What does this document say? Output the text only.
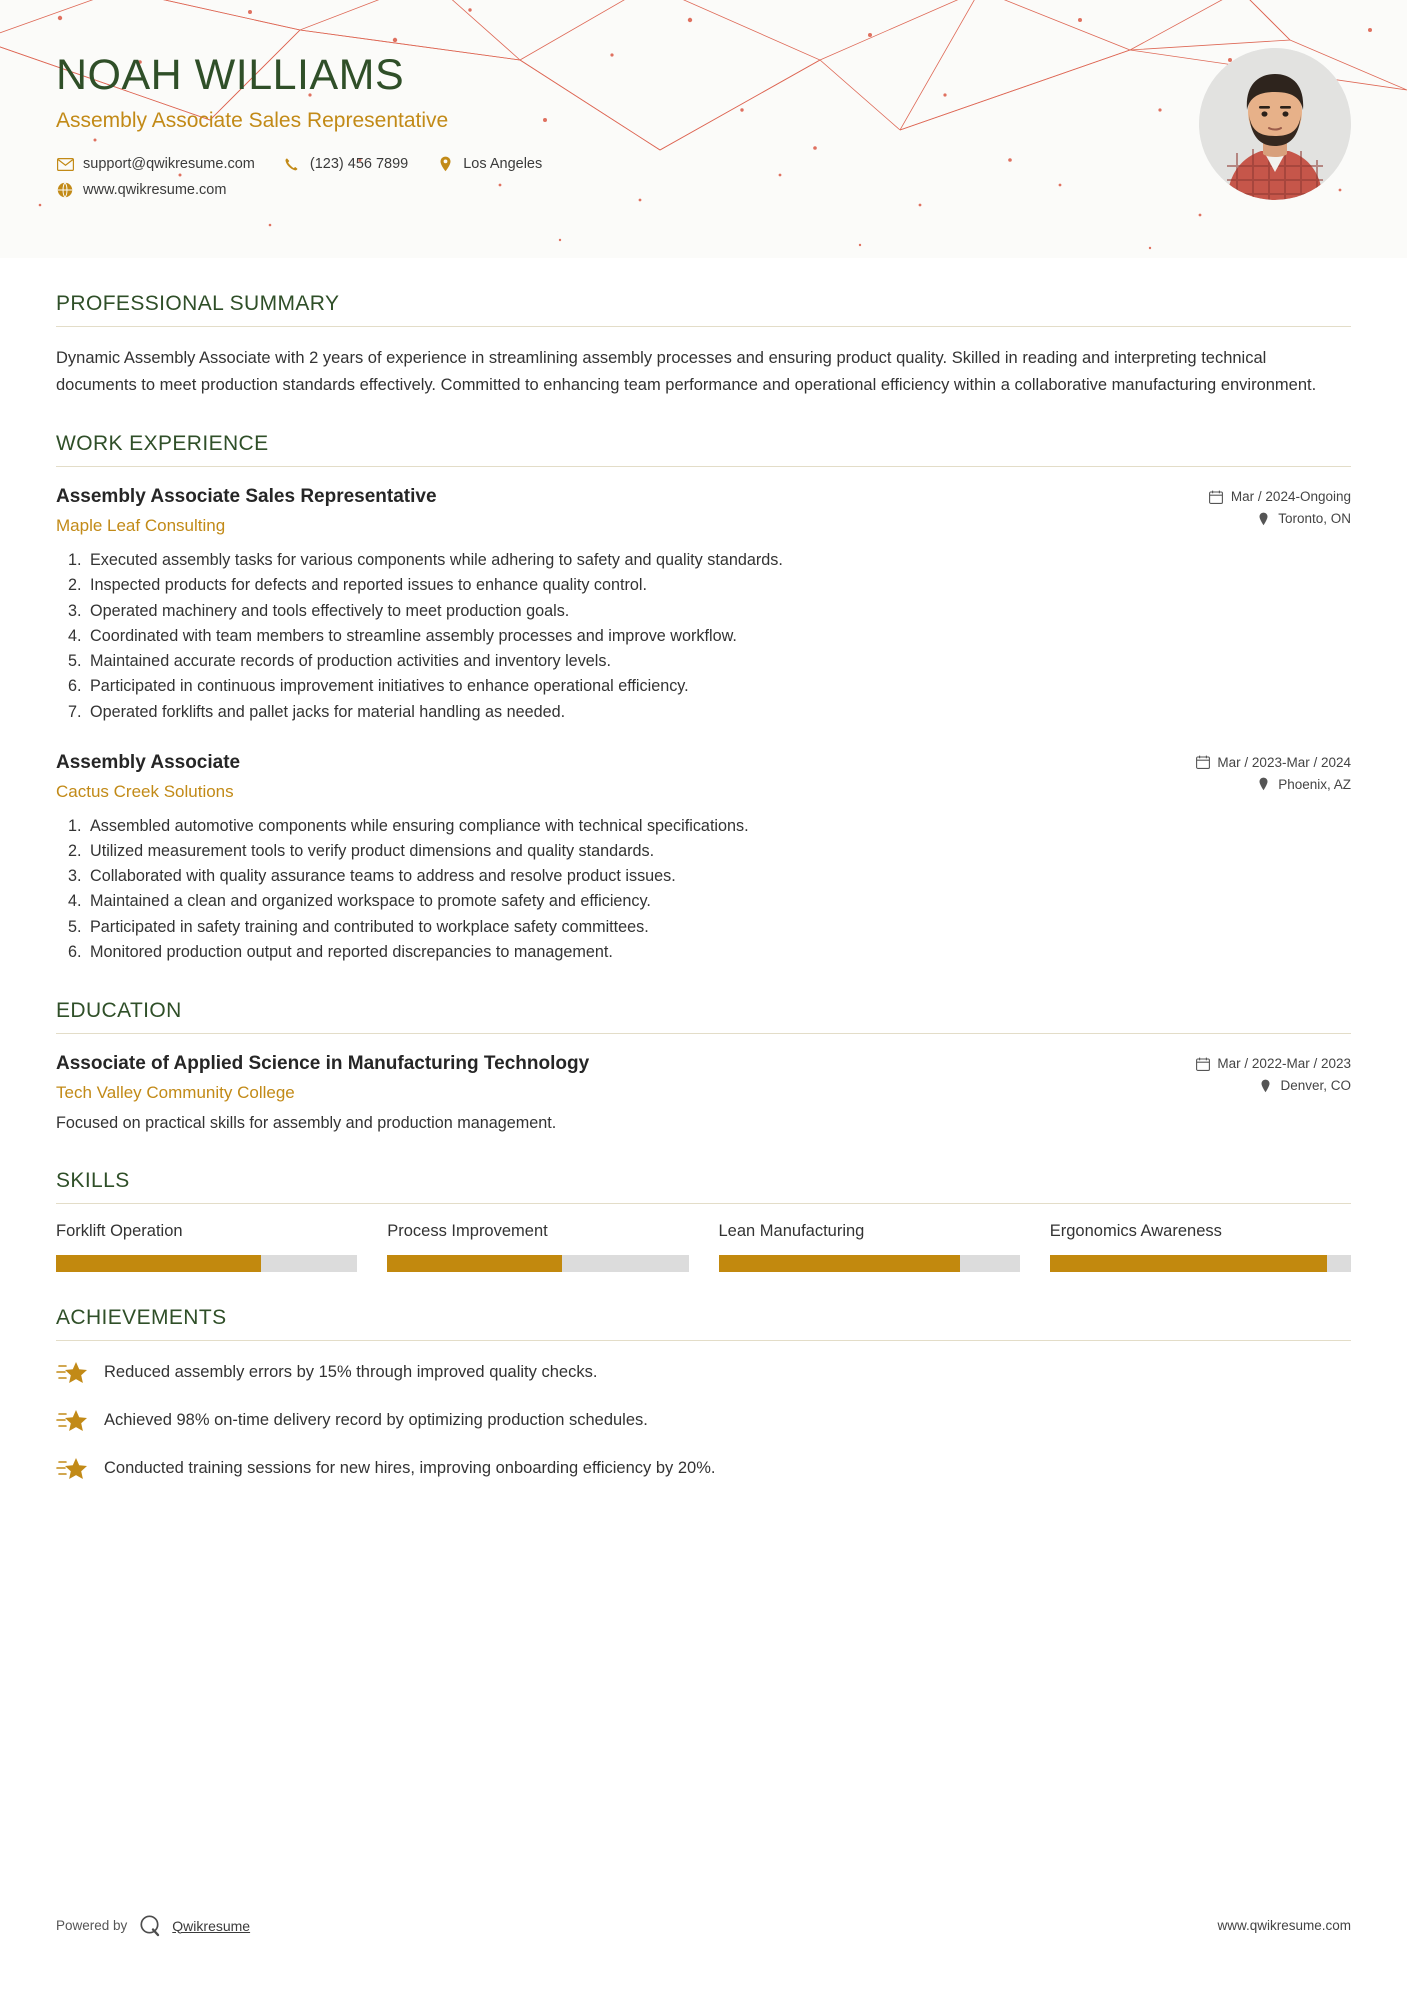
NOAH WILLIAMS
Assembly Associate Sales Representative
support@qwikresume.com	(123) 456 7899	Los Angeles
www.qwikresume.com
PROFESSIONAL SUMMARY

Dynamic Assembly Associate with 2 years of experience in streamlining assembly processes and ensuring product quality. Skilled in reading and interpreting technical documents to meet production standards effectively. Committed to enhancing team performance and operational efficiency within a collaborative manufacturing environment.

WORK EXPERIENCE
Assembly Associate Sales Representative
Maple Leaf Consulting
Mar / 2024-Ongoing
Toronto, ON
1. Executed assembly tasks for various components while adhering to safety and quality standards.
2. Inspected products for defects and reported issues to enhance quality control.
3. Operated machinery and tools effectively to meet production goals.
4. Coordinated with team members to streamline assembly processes and improve workflow.
5. Maintained accurate records of production activities and inventory levels.
6. Participated in continuous improvement initiatives to enhance operational efficiency.
7. Operated forklifts and pallet jacks for material handling as needed.
Assembly Associate
Cactus Creek Solutions
Mar / 2023-Mar / 2024
Phoenix, AZ
1. Assembled automotive components while ensuring compliance with technical specifications.
2. Utilized measurement tools to verify product dimensions and quality standards.
3. Collaborated with quality assurance teams to address and resolve product issues.
4. Maintained a clean and organized workspace to promote safety and efficiency.
5. Participated in safety training and contributed to workplace safety committees.
6. Monitored production output and reported discrepancies to management.
EDUCATION
Associate of Applied Science in Manufacturing Technology
Tech Valley Community College
Mar / 2022-Mar / 2023
Denver, CO
Focused on practical skills for assembly and production management.
SKILLS
Forklift Operation	Process Improvement	Lean Manufacturing	Ergonomics Awareness
ACHIEVEMENTS
Reduced assembly errors by 15% through improved quality checks.
Achieved 98% on-time delivery record by optimizing production schedules.
Conducted training sessions for new hires, improving onboarding efficiency by 20%.
Powered by	Qwikresume	www.qwikresume.com
